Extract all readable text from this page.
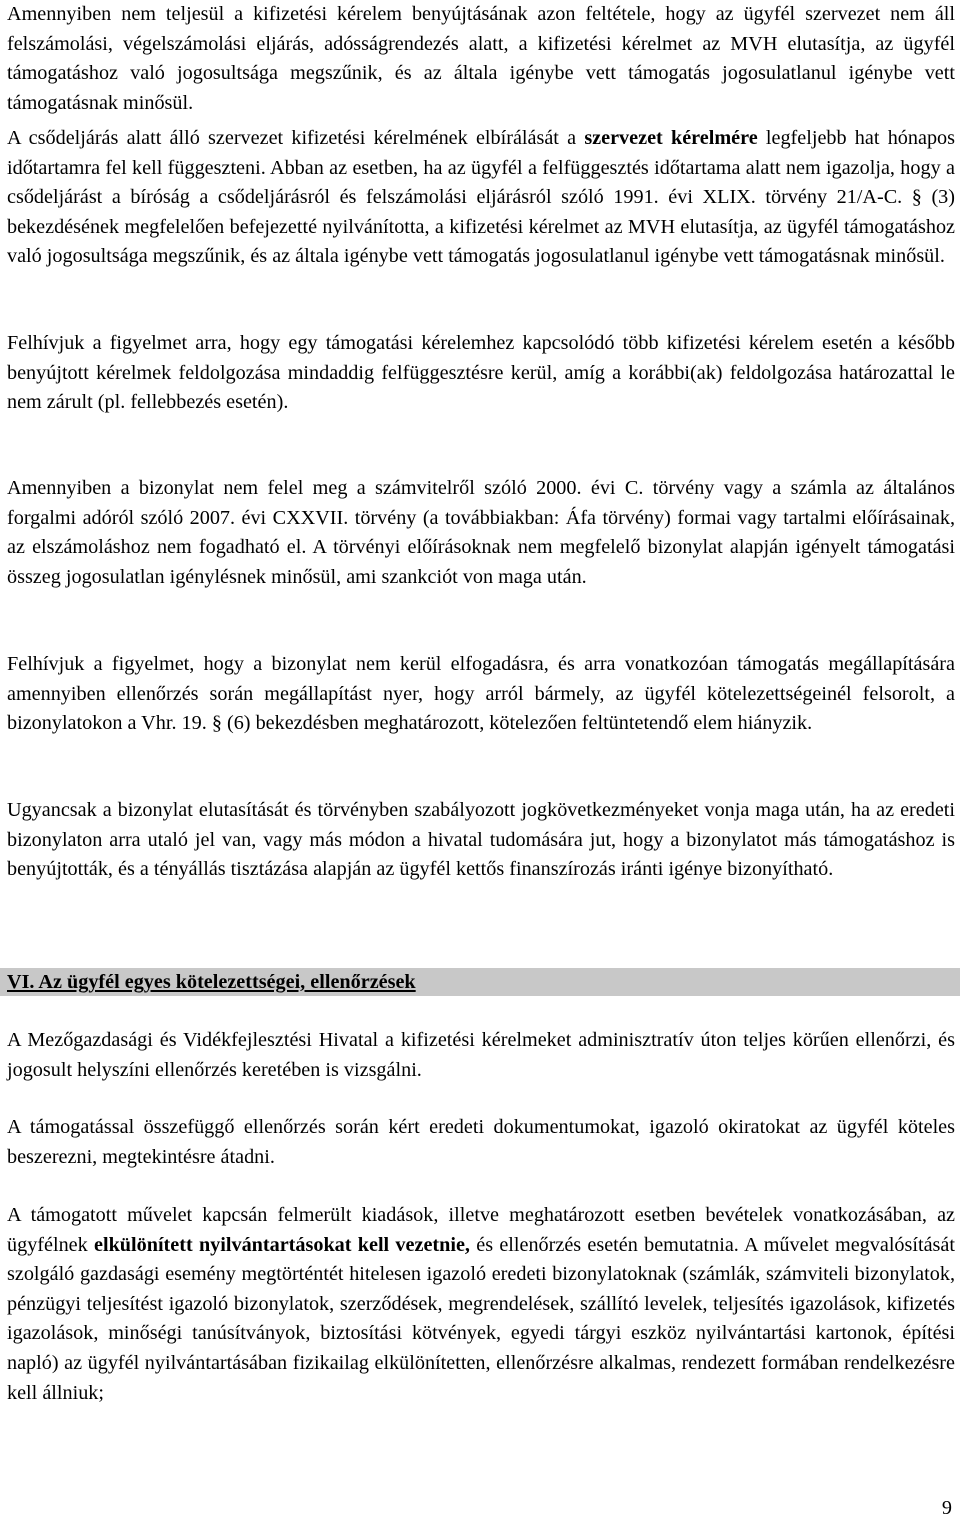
Amennyiben nem teljesül a kifizetési kérelem benyújtásának azon feltétele, hogy az ügyfél szervezet nem áll felszámolási, végelszámolási eljárás, adósságrendezés alatt, a kifizetési kérelmet az MVH elutasítja, az ügyfél támogatáshoz való jogosultsága megszűnik, és az általa igénybe vett támogatás jogosulatlanul igénybe vett támogatásnak minősül.

A csődeljárás alatt álló szervezet kifizetési kérelmének elbírálását a szervezet kérelmére legfeljebb hat hónapos időtartamra fel kell függeszteni. Abban az esetben, ha az ügyfél a felfüggesztés időtartama alatt nem igazolja, hogy a csődeljárást a bíróság a csődeljárásról és felszámolási eljárásról szóló 1991. évi XLIX. törvény 21/A-C. § (3) bekezdésének megfelelően befejezetté nyilvánította, a kifizetési kérelmet az MVH elutasítja, az ügyfél támogatáshoz való jogosultsága megszűnik, és az általa igénybe vett támogatás jogosulatlanul igénybe vett támogatásnak minősül.

Felhívjuk a figyelmet arra, hogy egy támogatási kérelemhez kapcsolódó több kifizetési kérelem esetén a később benyújtott kérelmek feldolgozása mindaddig felfüggesztésre kerül, amíg a korábbi(ak) feldolgozása határozattal le nem zárult (pl. fellebbezés esetén).

Amennyiben a bizonylat nem felel meg a számvitelről szóló 2000. évi C. törvény vagy a számla az általános forgalmi adóról szóló 2007. évi CXXVII. törvény (a továbbiakban: Áfa törvény) formai vagy tartalmi előírásainak, az elszámoláshoz nem fogadható el. A törvényi előírásoknak nem megfelelő bizonylat alapján igényelt támogatási összeg jogosulatlan igénylésnek minősül, ami szankciót von maga után.

Felhívjuk a figyelmet, hogy a bizonylat nem kerül elfogadásra, és arra vonatkozóan támogatás megállapítására amennyiben ellenőrzés során megállapítást nyer, hogy arról bármely, az ügyfél kötelezettségeinél felsorolt, a bizonylatokon a Vhr. 19. § (6) bekezdésben meghatározott, kötelezően feltüntetendő elem hiányzik.

Ugyancsak a bizonylat elutasítását és törvényben szabályozott jogkövetkezményeket vonja maga után, ha az eredeti bizonylaton arra utaló jel van, vagy más módon a hivatal tudomására jut, hogy a bizonylatot más támogatáshoz is benyújtották, és a tényállás tisztázása alapján az ügyfél kettős finanszírozás iránti igénye bizonyítható.

VI. Az ügyfél egyes kötelezettségei, ellenőrzések

A Mezőgazdasági és Vidékfejlesztési Hivatal a kifizetési kérelmeket adminisztratív úton teljes körűen ellenőrzi, és jogosult helyszíni ellenőrzés keretében is vizsgálni.

A támogatással összefüggő ellenőrzés során kért eredeti dokumentumokat, igazoló okiratokat az ügyfél köteles beszerezni, megtekintésre átadni.

A támogatott művelet kapcsán felmerült kiadások, illetve meghatározott esetben bevételek vonatkozásában, az ügyfélnek elkülönített nyilvántartásokat kell vezetnie, és ellenőrzés esetén bemutatnia. A művelet megvalósítását szolgáló gazdasági esemény megtörténtét hitelesen igazoló eredeti bizonylatoknak (számlák, számviteli bizonylatok, pénzügyi teljesítést igazoló bizonylatok, szerződések, megrendelések, szállító levelek, teljesítés igazolások, kifizetés igazolások, minőségi tanúsítványok, biztosítási kötvények, egyedi tárgyi eszköz nyilvántartási kartonok, építési napló) az ügyfél nyilvántartásában fizikailag elkülönítetten, ellenőrzésre alkalmas, rendezett formában rendelkezésre kell állniuk;

9
